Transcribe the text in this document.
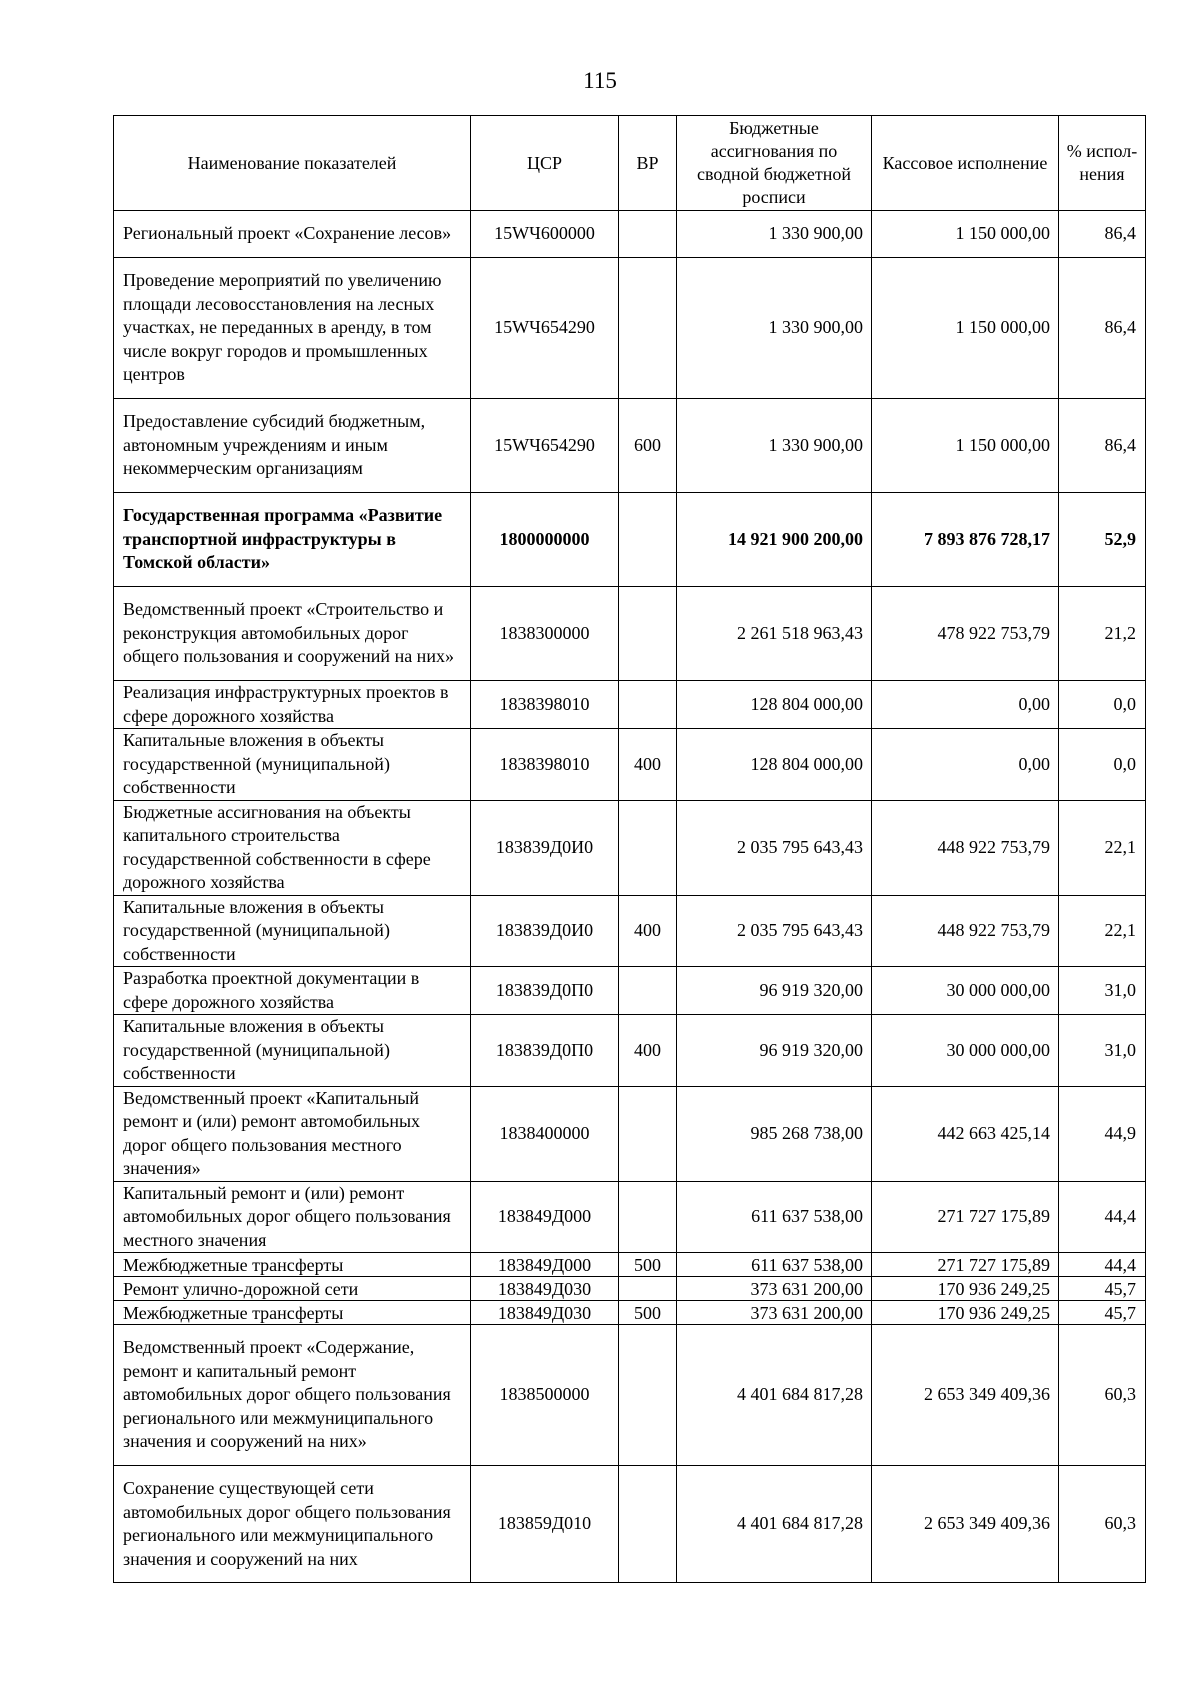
115
Наименование показателей	ЦСР	ВР	Бюджетные ассигнования по сводной бюджетной росписи	Кассовое исполнение	% испол-нения
Региональный проект «Сохранение лесов»	15WЧ600000		1 330 900,00	1 150 000,00	86,4
Проведение мероприятий по увеличению площади лесовосстановления на лесных участках, не переданных в аренду, в том числе вокруг городов и промышленных центров	15WЧ654290		1 330 900,00	1 150 000,00	86,4
Предоставление субсидий бюджетным, автономным учреждениям и иным некоммерческим организациям	15WЧ654290	600	1 330 900,00	1 150 000,00	86,4
Государственная программа «Развитие транспортной инфраструктуры в Томской области»	1800000000		14 921 900 200,00	7 893 876 728,17	52,9
Ведомственный проект «Строительство и реконструкция автомобильных дорог общего пользования и сооружений на них»	1838300000		2 261 518 963,43	478 922 753,79	21,2
Реализация инфраструктурных проектов в сфере дорожного хозяйства	1838398010		128 804 000,00	0,00	0,0
Капитальные вложения в объекты государственной (муниципальной) собственности	1838398010	400	128 804 000,00	0,00	0,0
Бюджетные ассигнования на объекты капитального строительства государственной собственности в сфере дорожного хозяйства	183839Д0И0		2 035 795 643,43	448 922 753,79	22,1
Капитальные вложения в объекты государственной (муниципальной) собственности	183839Д0И0	400	2 035 795 643,43	448 922 753,79	22,1
Разработка проектной документации в сфере дорожного хозяйства	183839Д0П0		96 919 320,00	30 000 000,00	31,0
Капитальные вложения в объекты государственной (муниципальной) собственности	183839Д0П0	400	96 919 320,00	30 000 000,00	31,0
Ведомственный проект «Капитальный ремонт и (или) ремонт автомобильных дорог общего пользования местного значения»	1838400000		985 268 738,00	442 663 425,14	44,9
Капитальный ремонт и (или) ремонт автомобильных дорог общего пользования местного значения	183849Д000		611 637 538,00	271 727 175,89	44,4
Межбюджетные трансферты	183849Д000	500	611 637 538,00	271 727 175,89	44,4
Ремонт улично-дорожной сети	183849Д030		373 631 200,00	170 936 249,25	45,7
Межбюджетные трансферты	183849Д030	500	373 631 200,00	170 936 249,25	45,7
Ведомственный проект «Содержание, ремонт и капитальный ремонт автомобильных дорог общего пользования регионального или межмуниципального значения и сооружений на них»	1838500000		4 401 684 817,28	2 653 349 409,36	60,3
Сохранение существующей сети автомобильных дорог общего пользования регионального или межмуниципального значения и сооружений на них	183859Д010		4 401 684 817,28	2 653 349 409,36	60,3
